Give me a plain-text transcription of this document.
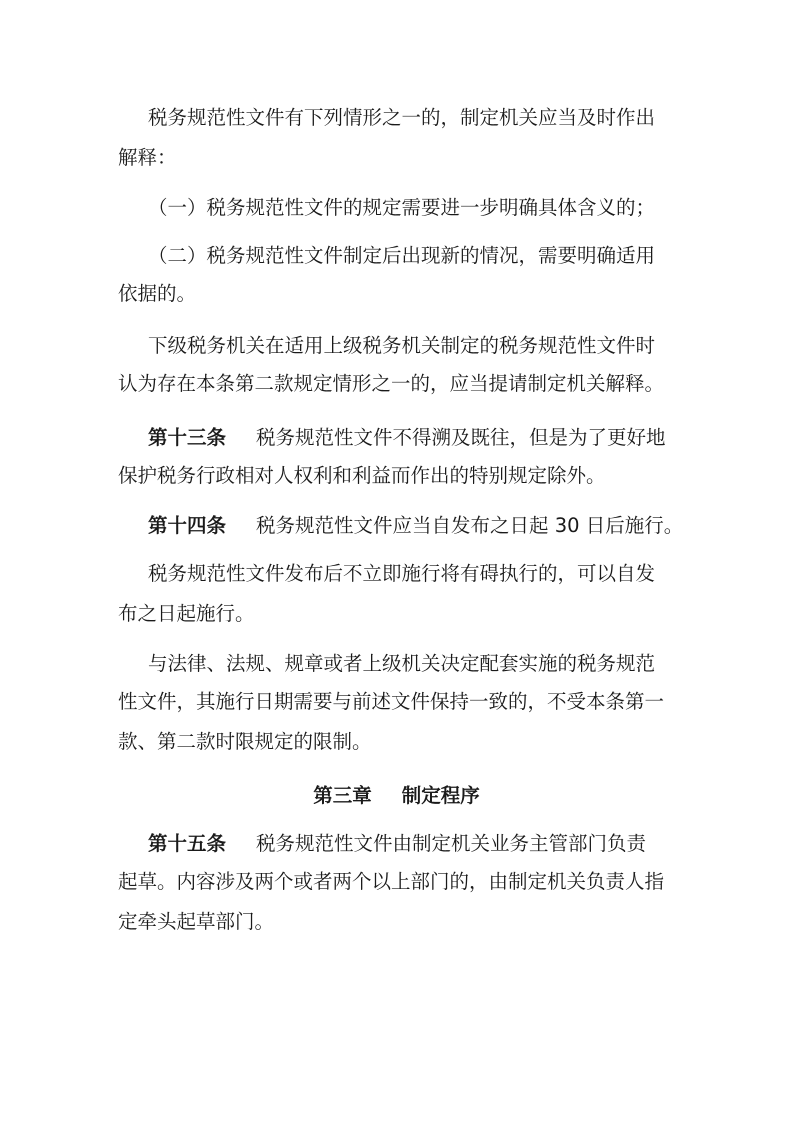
税务规范性文件有下列情形之一的，制定机关应当及时作出
解释：
（一）税务规范性文件的规定需要进一步明确具体含义的；
（二）税务规范性文件制定后出现新的情况，需要明确适用
依据的。
下级税务机关在适用上级税务机关制定的税务规范性文件时
认为存在本条第二款规定情形之一的，应当提请制定机关解释。
第十三条 税务规范性文件不得溯及既往，但是为了更好地
保护税务行政相对人权利和利益而作出的特别规定除外。
第十四条 税务规范性文件应当自发布之日起 30 日后施行。
税务规范性文件发布后不立即施行将有碍执行的，可以自发
布之日起施行。
与法律、法规、规章或者上级机关决定配套实施的税务规范
性文件，其施行日期需要与前述文件保持一致的，不受本条第一
款、第二款时限规定的限制。
第三章 制定程序
第十五条 税务规范性文件由制定机关业务主管部门负责
起草。内容涉及两个或者两个以上部门的，由制定机关负责人指
定牵头起草部门。
